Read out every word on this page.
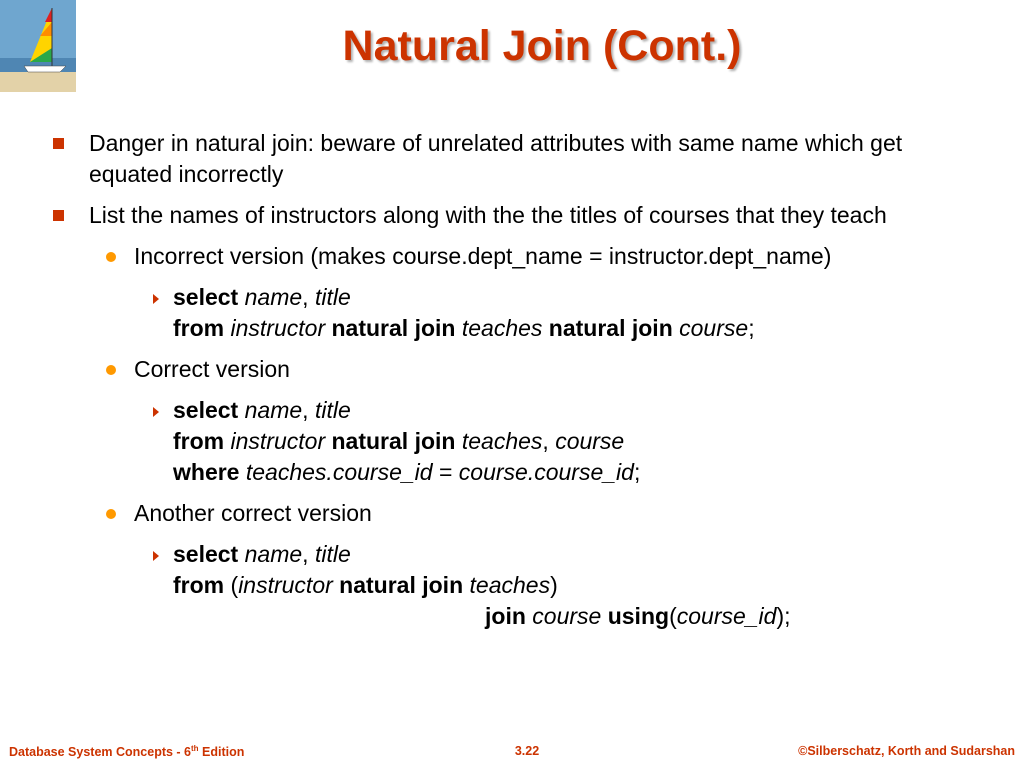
Natural Join (Cont.)
Danger in natural join: beware of unrelated attributes with same name which get equated incorrectly
List the names of instructors along with the the titles of courses that they teach
Incorrect version (makes course.dept_name = instructor.dept_name)
select name, title
from instructor natural join teaches natural join course;
Correct version
select name, title
from instructor natural join teaches, course
where teaches.course_id = course.course_id;
Another correct version
select name, title
from (instructor natural join teaches)
join course using(course_id);
Database System Concepts - 6th Edition	3.22	©Silberschatz, Korth and Sudarshan
